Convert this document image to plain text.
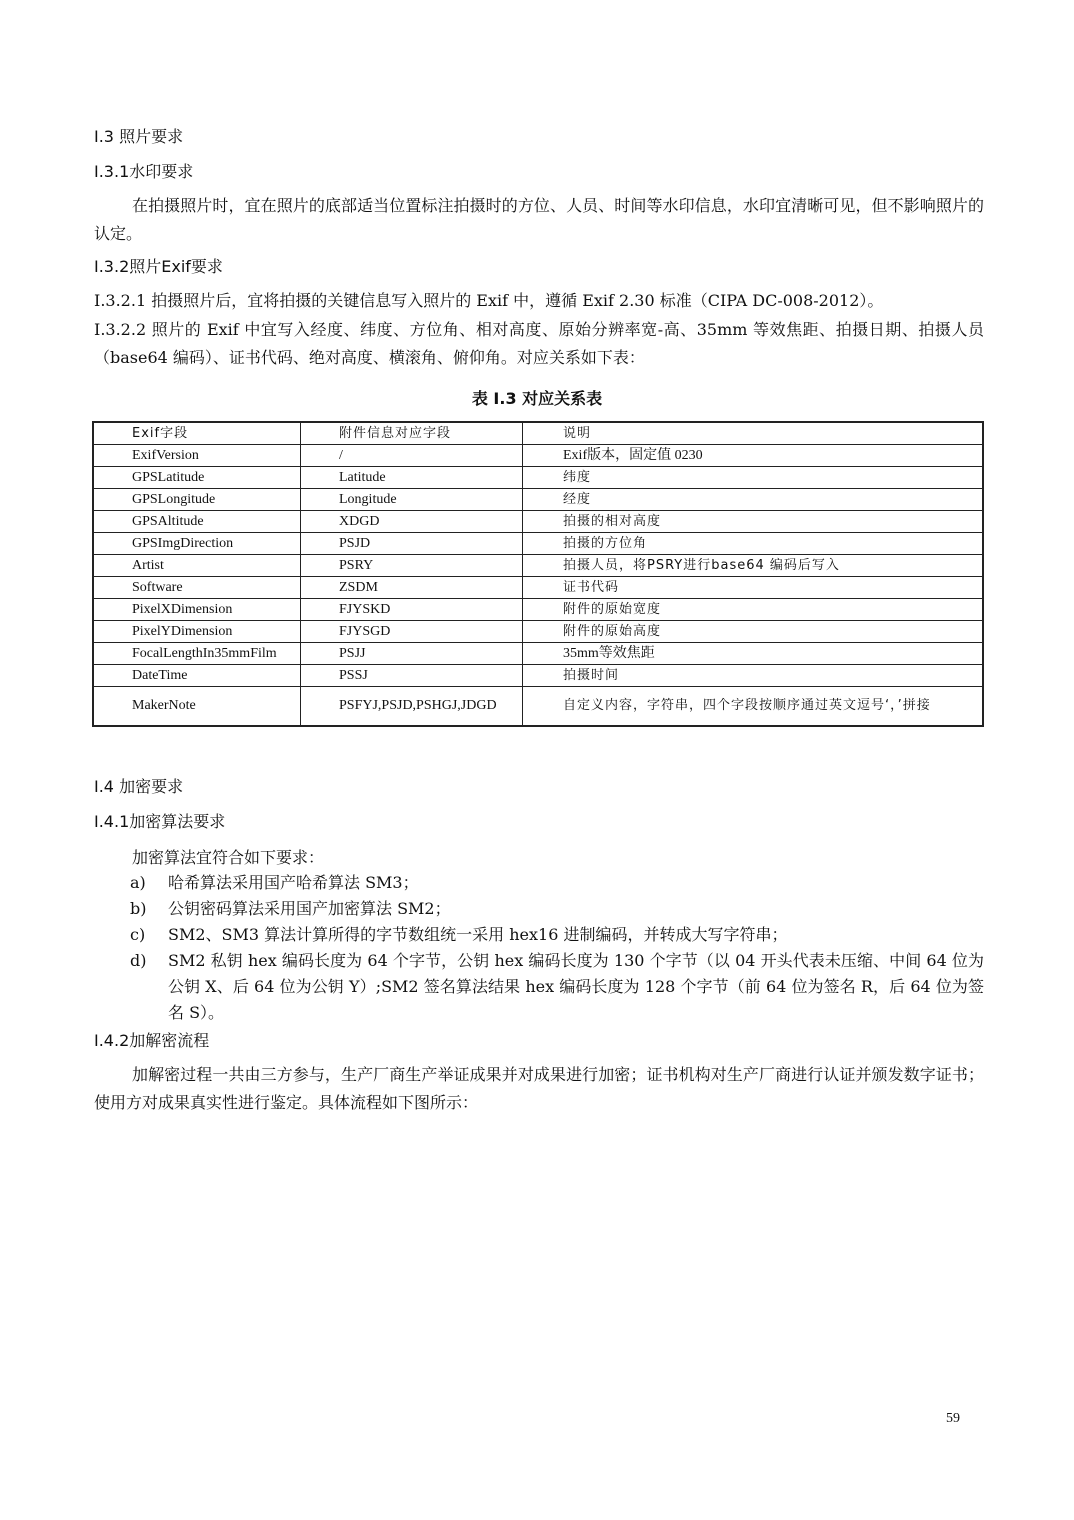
I.3 照片要求
I.3.1水印要求
在拍摄照片时，宜在照片的底部适当位置标注拍摄时的方位、人员、时间等水印信息，水印宜清晰可见，但不影响照片的认定。
I.3.2照片Exif要求
I.3.2.1 拍摄照片后，宜将拍摄的关键信息写入照片的 Exif 中，遵循 Exif 2.30 标准（CIPA DC-008-2012）。
I.3.2.2 照片的 Exif 中宜写入经度、纬度、方位角、相对高度、原始分辨率宽-高、35mm 等效焦距、拍摄日期、拍摄人员（base64 编码）、证书代码、绝对高度、横滚角、俯仰角。对应关系如下表：
表 I.3 对应关系表
Exif字段	附件信息对应字段	说明
ExifVersion	/	Exif版本，固定值 0230
GPSLatitude	Latitude	纬度
GPSLongitude	Longitude	经度
GPSAltitude	XDGD	拍摄的相对高度
GPSImgDirection	PSJD	拍摄的方位角
Artist	PSRY	拍摄人员，将PSRY进行base64 编码后写入
Software	ZSDM	证书代码
PixelXDimension	FJYSKD	附件的原始宽度
PixelYDimension	FJYSGD	附件的原始高度
FocalLengthIn35mmFilm	PSJJ	35mm等效焦距
DateTime	PSSJ	拍摄时间
MakerNote	PSFYJ,PSJD,PSHGJ,JDGD	自定义内容，字符串，四个字段按顺序通过英文逗号‘，’拼接
I.4 加密要求
I.4.1加密算法要求
加密算法宜符合如下要求：
a) 哈希算法采用国产哈希算法 SM3；
b) 公钥密码算法采用国产加密算法 SM2；
c) SM2、SM3 算法计算所得的字节数组统一采用 hex16 进制编码，并转成大写字符串；
d) SM2 私钥 hex 编码长度为 64 个字节，公钥 hex 编码长度为 130 个字节（以 04 开头代表未压缩、中间 64 位为公钥 X、后 64 位为公钥 Y）;SM2 签名算法结果 hex 编码长度为 128 个字节（前 64 位为签名 R，后 64 位为签名 S）。
I.4.2加解密流程
加解密过程一共由三方参与，生产厂商生产举证成果并对成果进行加密；证书机构对生产厂商进行认证并颁发数字证书；使用方对成果真实性进行鉴定。具体流程如下图所示：
59
